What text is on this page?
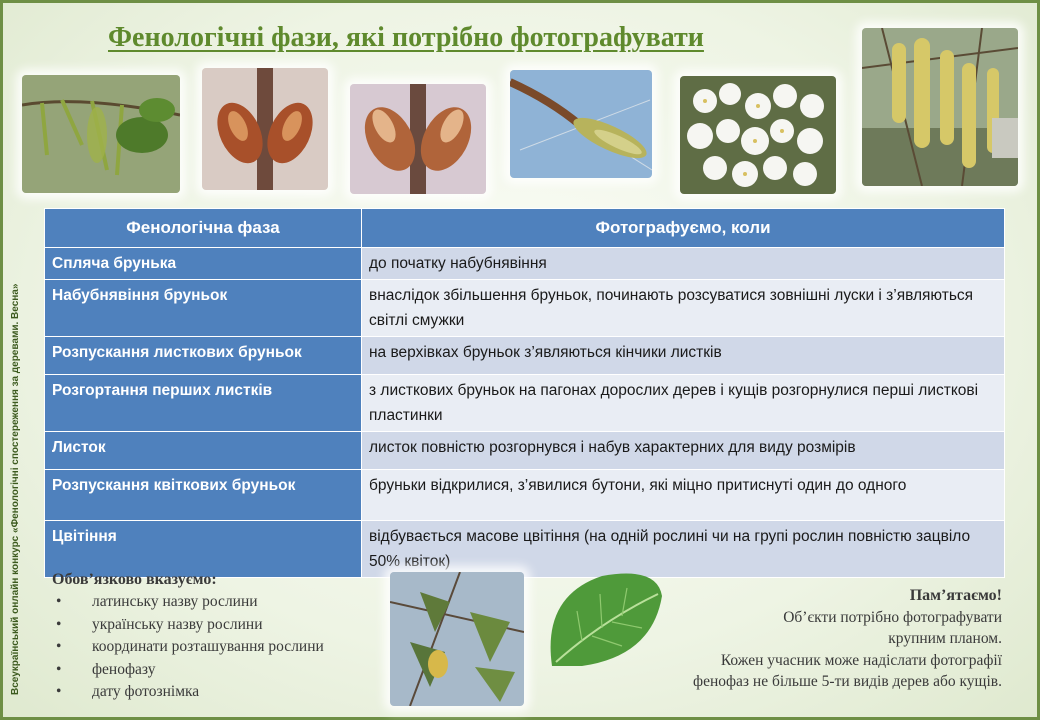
Фенологічні фази, які потрібно фотографувати
Всеукраїнський онлайн конкурс «Фенологічні спостереження за деревами. Весна»
Фенологічна фаза	Фотографуємо, коли
Спляча брунька	до початку набубнявіння
Набубнявіння бруньок	внаслідок збільшення бруньок, починають розсуватися зовнішні луски і з’являються світлі смужки
Розпускання листкових бруньок	на верхівках бруньок з’являються кінчики листків
Розгортання перших листків	з листкових бруньок на пагонах дорослих дерев і кущів розгорнулися перші листкові пластинки
Листок	листок повністю розгорнувся і набув характерних для виду розмірів
Розпускання квіткових бруньок	бруньки відкрилися, з’явилися бутони, які міцно притиснуті один до одного
Цвітіння	відбувається масове цвітіння (на одній рослині чи на групі рослин повністю зацвіло 50% квіток)
Обов’язково вказуємо:
• латинську назву рослини
• українську назву рослини
• координати розташування рослини
• фенофазу
• дату фотознімка
Пам’ятаємо!
Об’єкти потрібно фотографувати
крупним планом.
Кожен учасник може надіслати фотографії
фенофаз не більше 5-ти видів дерев або кущів.
